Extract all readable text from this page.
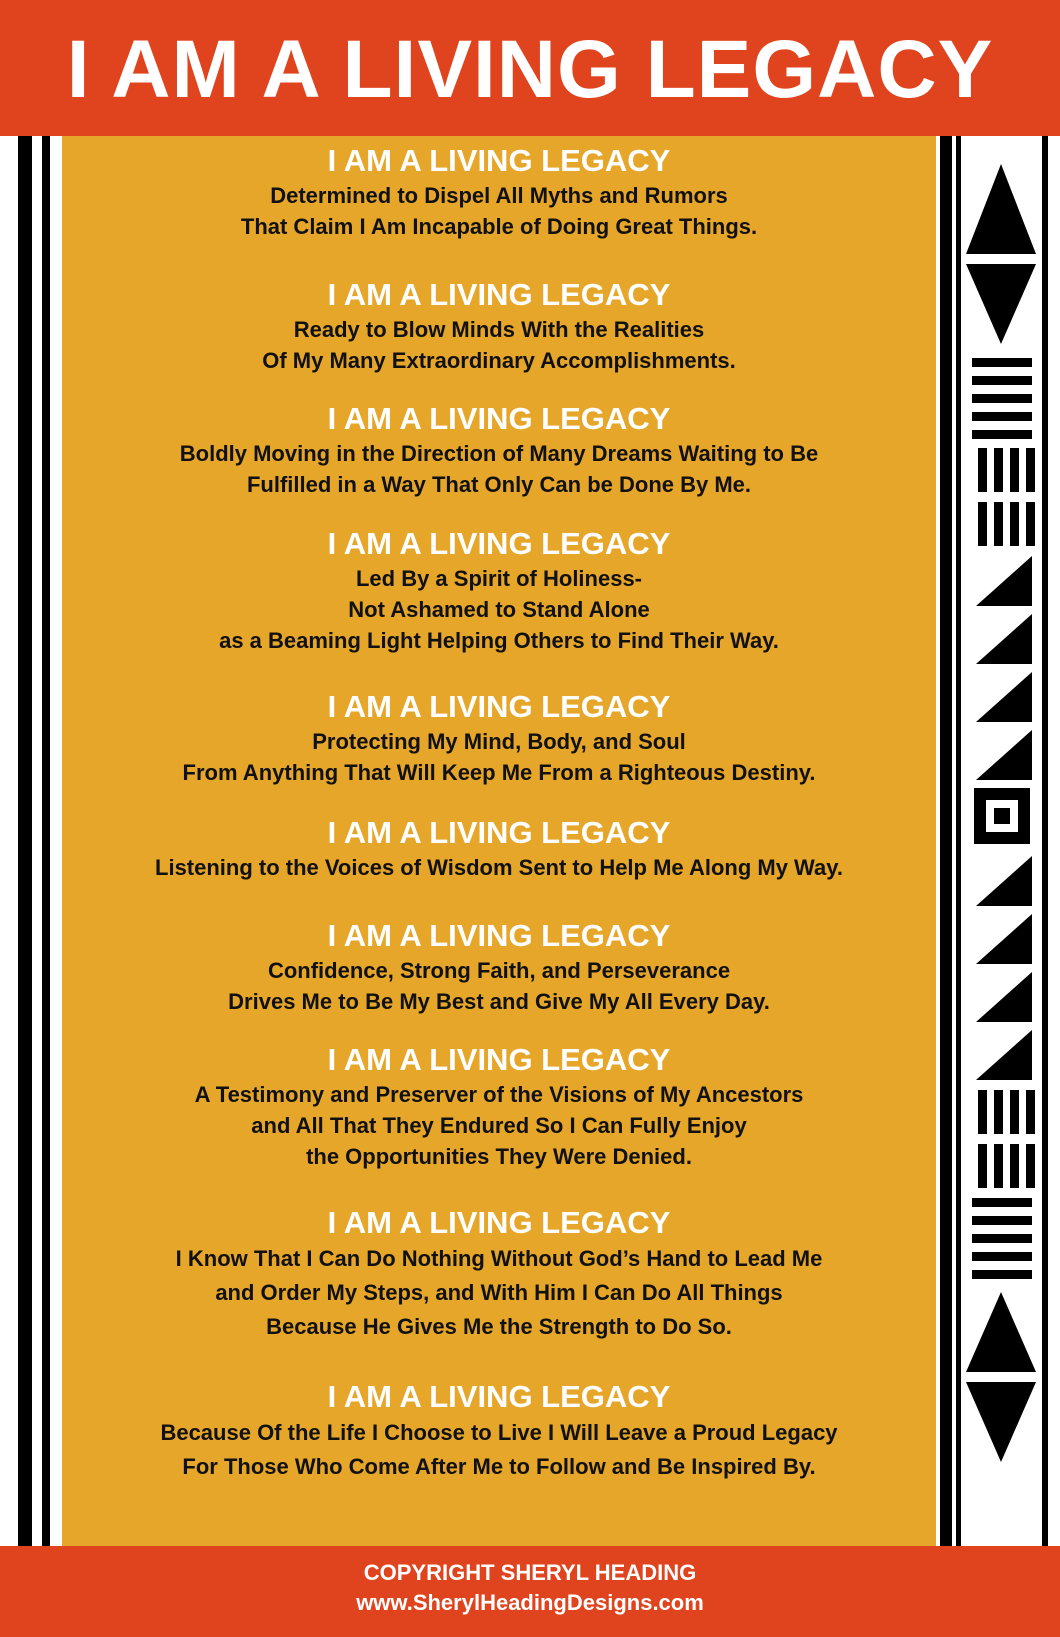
I AM A LIVING LEGACY
I AM A LIVING LEGACY
Determined to Dispel All Myths and Rumors
That Claim I Am Incapable of Doing Great Things.
I AM A LIVING LEGACY
Ready to Blow Minds With the Realities
Of My Many Extraordinary Accomplishments.
I AM A LIVING LEGACY
Boldly Moving in the Direction of Many Dreams Waiting to Be
Fulfilled in a Way That Only Can be Done By Me.
I AM A LIVING LEGACY
Led By a Spirit of Holiness-
Not Ashamed to Stand Alone
as a Beaming Light Helping Others to Find Their Way.
I AM A LIVING LEGACY
Protecting My Mind, Body, and Soul
From Anything That Will Keep Me From a Righteous Destiny.
I AM A LIVING LEGACY
Listening to the Voices of Wisdom Sent to Help Me Along My Way.
I AM A LIVING LEGACY
Confidence, Strong Faith, and Perseverance
Drives Me to Be My Best and Give My All Every Day.
I AM A LIVING LEGACY
A Testimony and Preserver of the Visions of My Ancestors
and All That They Endured So I Can Fully Enjoy
the Opportunities They Were Denied.
I AM A LIVING LEGACY
I Know That I Can Do Nothing Without God’s Hand to Lead Me
and Order My Steps, and With Him I Can Do All Things
Because He Gives Me the Strength to Do So.
I AM A LIVING LEGACY
Because Of the Life I Choose to Live I Will Leave a Proud Legacy
For Those Who Come After Me to Follow and Be Inspired By.
COPYRIGHT SHERYL HEADING
www.SherylHeadingDesigns.com
